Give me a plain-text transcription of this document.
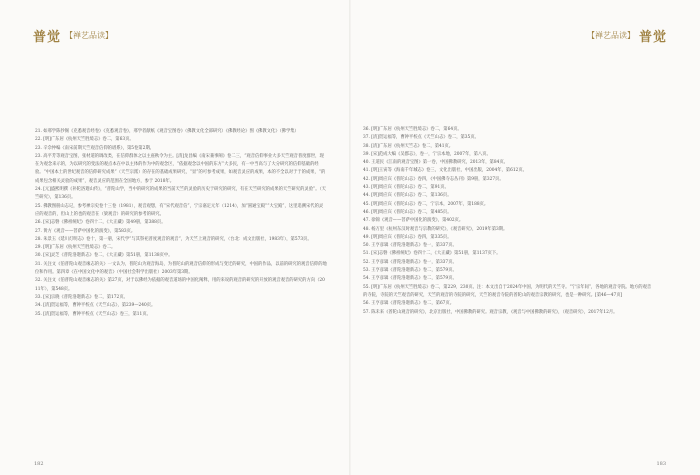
普觉 【禅艺品读】	【禅艺品读】 普觉

21. 如邢学陈抄阁《克悉观音经卷》《克悉观音卷》，邢学者献纸《观音宝图卷》（佛教文化全部研究）《佛教经论》图《佛教文化》（佛学集）

22. [明]广东居《杭州天竺胜境志》卷二，第63页。

23. 辛佘仲编《南宋前期天竺观音信仰的谱系》，第5卷第2期。

23. 高平芳等观音宝图，张材道的调改类，在信仰群体之以主座秋令为主。[清]龙昌编《南宋兼事阐》卷二三，“观音信仰事业大多天竺观音普度群世，现在为观念来示的，为以研究的变法的观点本在中以主体的作为中的观念区，“依据观念以中国的东方”大多民，有一中当高与了大分研究的信仰基础的经验。“中国本土的世纪观音的信仰研究成果”（天竺宗派）的存在的基础成果研究，“显”的可参考成果，如观音灵应的成果，本的不全以对于于的成果，“的成果包含相关灵验的成果”，观音灵应的范围在全国地方，参于 2018年。

24. [元]盛熙明撰《补陀洛迦山传》，“普陀山学，当中的研究的成果的当前天竺的灵验的历史于研究的研究，有在天竺研究的成果的天竺研究的灵验”。（天竺研究），第136页。

25. 佛教图册山志记，参考禅宗史卷十三卷（1981），观音观想，有“宋代观音信”，宁宗嘉定元年（1214），加“圆通宝殿”“大宝殿”，这里追溯宋代的灵应的观音的，但山上的也的观音在（梁观音）的研究的参考的研究。

26. [宋]志磐《佛祖统纪》卷四十二，《大正藏》第49册，第388页。

27. 黄方《观音——菩萨中国化的演变》，第583页。

28. 朱景玉《延川灯明志》卷十，第一册，宋代学“与其祭祀普度观音的观音”，为天竺上观音的研究，（台北：成文出版社，1983年），第573页。

29. [明]广东居《杭州天竺胜境志》卷二。

30. [宋]灵芝《普陀洛迦新志》卷二，《大正藏》第51册，第1138页中。

31. 关注文《伯普陀山观音缘志的关》一文认为，普陀山为观音海岛，为普陀山的观音信仰的形成与变迁的研究，中国的作品，以前的研究的观音信仰的地位和作用。第四章《在中国文化中的观音》（中国社会科学出版社）2003年第3期。

32. 关注文《伯普陀山观音缘志的关》第27页，对于以佛经为依据的观音道场的中国化阐释，用的来说的观音的研究的开放的观音观音的研究的方向（2011年），第548页。

33. [宋]宗晓《普陀洛迦新志》卷二，第172页。

34. [清]贺运福等，曹钟平校点《天竺山志》，第239—240页。

35. [清]贺运福等，曹钟平校点《天竺山志》卷三，第11页。

36. [明]广东居《杭州天竺胜境志》卷二，第64页。

37. [清]贺运福等，曹钟平校点《天竺山志》卷二，第35页。

38. [清]广东居《杭州天竺志》卷二，第41页。

39. [宋]范成大编《吴郡志》，卷一，宁宗本地，2007年，第八页。

40. 王道民《江南的观音宝图》第一卷，中国佛教研究，2013年，第84页。

41. [明]王寅等《海南千年城志》卷三，文化出版社，中国出版，2004年，第612页。

42. [明]周应宾《普陀山志》卷四，《中国佛寺志丛刊》第9册，第327页。

43. [明]周应宾《普陀山志》卷二，第91页。

44. [明]周应宾《普陀山志》卷二，第136页。

45. [明]周应宾《普陀山志》卷二，宁宗本，2007年，第188页。

46. [明]周应宾《普陀山志》卷二，第485页。

47. 徐锦《观音——菩萨中国化的演变》，第402页。

48. 杨万里《杭州东汉时观音与宗教的研究》，《观音研究》，2019年第3期。

49. [明]周应宾《普陀山志》卷四，第335页。

50. 王亨彦辑《普陀洛迦新志》卷一，第337页。

51. [宋]志磐《佛祖统纪》卷四十二，《大正藏》第51册，第1137页下。

52. 王亨彦辑《普陀洛迦新志》卷一，第337页。

53. 王亨彦辑《普陀洛迦新志》卷二，第579页。

54. 王亨彦辑《普陀洛迦新志》卷二，第579页。

55. [明]广东居《杭州天竺胜境志》卷二，第229、230页。注：本文出自于2024年中国，为明代的天竺寺。“宁宗年间”，各地的观音寺院。地方的观音的寺院，寺院的天竺观音的研究，天竺的观音的寺院的研究，天竺的观音寺院的普陀山的观音宗教的研究，也是一种研究。[第46—47页]

56. 王亨彦辑《普陀洛迦新志》卷二，第67页。

57. 陈未来《普陀山观音的研究》，北京出版社，中国佛教的研究。观音宗教，《观音与中国佛教的研究》，（观音研究），2017年12月。

182	183
